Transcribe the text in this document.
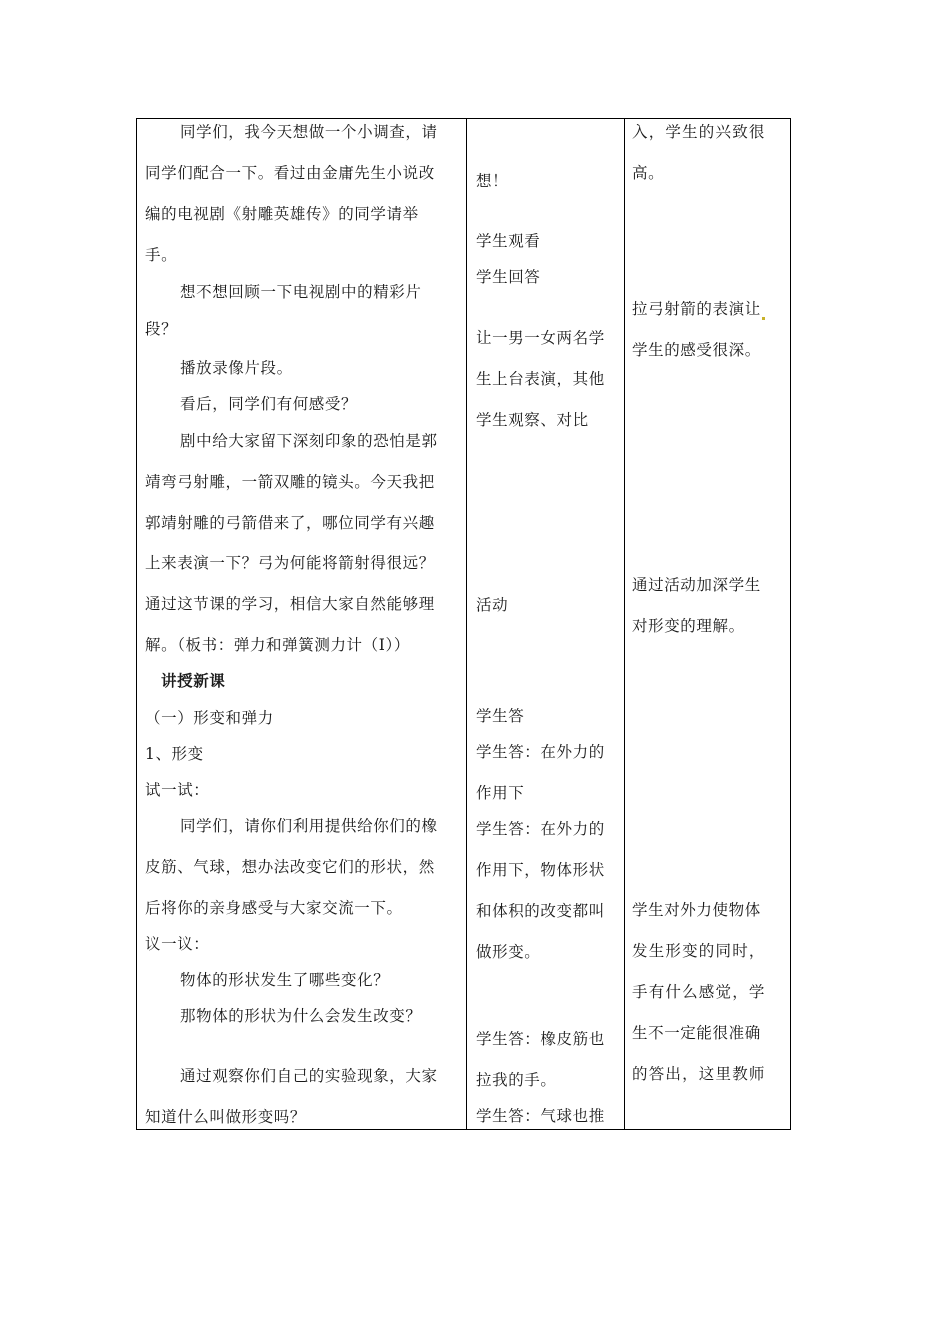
同学们，我今天想做一个小调查，请
同学们配合一下。看过由金庸先生小说改
编的电视剧《射雕英雄传》的同学请举
手。
想不想回顾一下电视剧中的精彩片
段？
播放录像片段。
看后，同学们有何感受？
剧中给大家留下深刻印象的恐怕是郭
靖弯弓射雕，一箭双雕的镜头。今天我把
郭靖射雕的弓箭借来了，哪位同学有兴趣
上来表演一下？弓为何能将箭射得很远？
通过这节课的学习，相信大家自然能够理
解。（板书：弹力和弹簧测力计（I））
讲授新课
（一）形变和弹力
1、形变
试一试：
同学们，请你们利用提供给你们的橡
皮筋、气球，想办法改变它们的形状，然
后将你的亲身感受与大家交流一下。
议一议：
物体的形状发生了哪些变化？
那物体的形状为什么会发生改变？
通过观察你们自己的实验现象，大家
知道什么叫做形变吗？
想！
学生观看
学生回答
让一男一女两名学
生上台表演，其他
学生观察、对比
活动
学生答
学生答：在外力的
作用下
学生答：在外力的
作用下，物体形状
和体积的改变都叫
做形变。
学生答：橡皮筋也
拉我的手。
学生答：气球也推
入，学生的兴致很
高。
拉弓射箭的表演让
学生的感受很深。
通过活动加深学生
对形变的理解。
学生对外力使物体
发生形变的同时，
手有什么感觉，学
生不一定能很准确
的答出，这里教师
